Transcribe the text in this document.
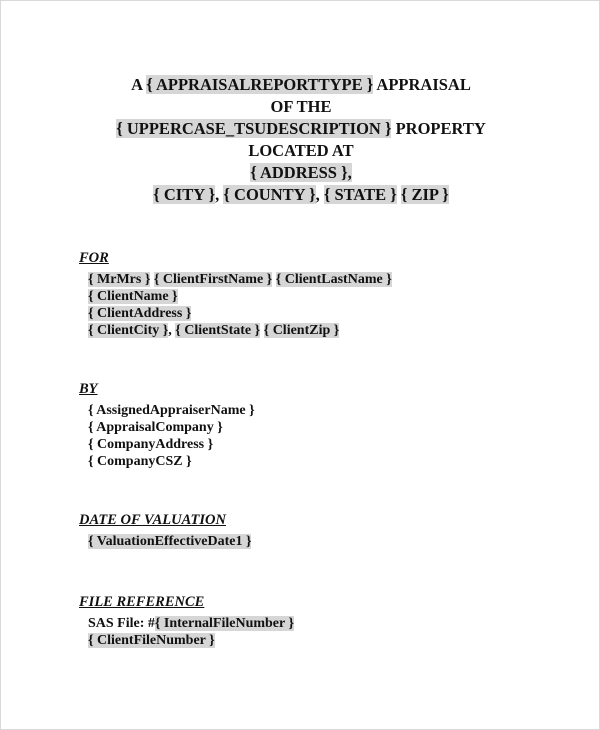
A { APPRAISALREPORTTYPE } APPRAISAL
OF THE
{ UPPERCASE_TSUDESCRIPTION } PROPERTY
LOCATED AT
{ ADDRESS },
{ CITY }, { COUNTY }, { STATE } { ZIP }
FOR
{ MrMrs } { ClientFirstName } { ClientLastName }
{ ClientName }
{ ClientAddress }
{ ClientCity }, { ClientState } { ClientZip }
BY
{ AssignedAppraiserName }
{ AppraisalCompany }
{ CompanyAddress }
{ CompanyCSZ }
DATE OF VALUATION
{ ValuationEffectiveDate1 }
FILE REFERENCE
SAS File: #{ InternalFileNumber }
{ ClientFileNumber }
